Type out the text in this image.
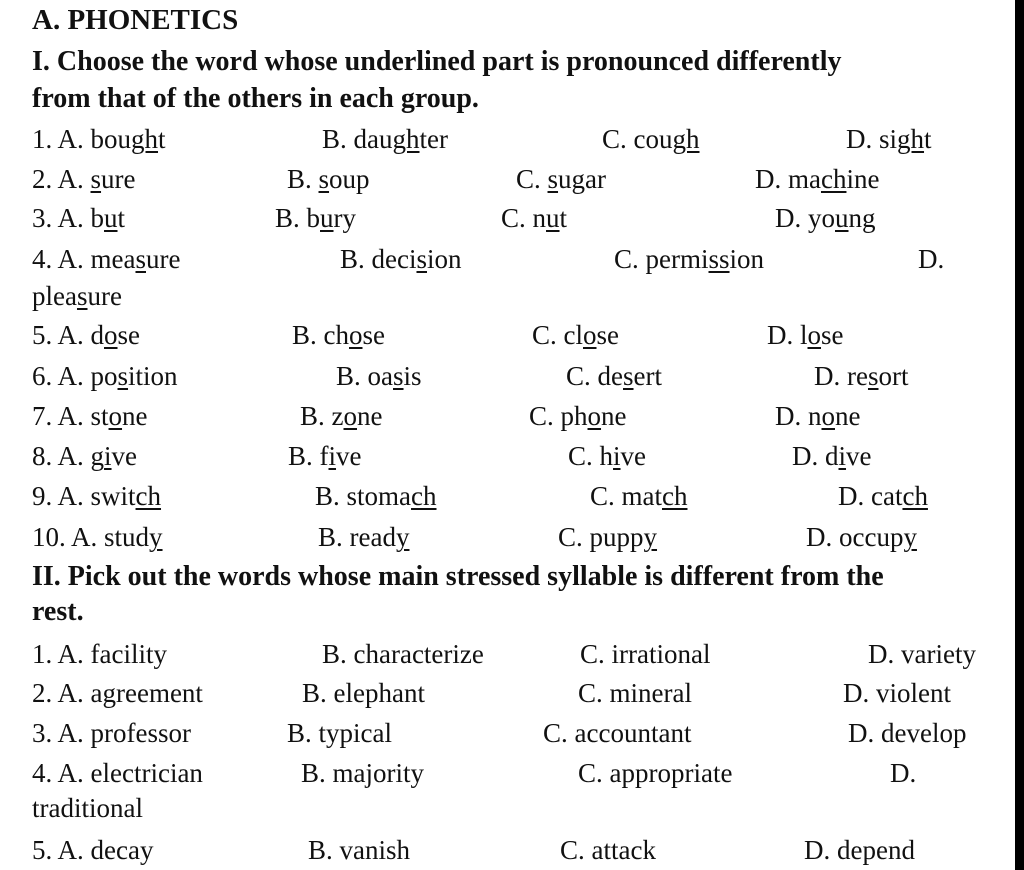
A. PHONETICS
I. Choose the word whose underlined part is pronounced differently
from that of the others in each group.
1. A. bought	B. daughter	C. cough	D. sight
2. A. sure	B. soup	C. sugar	D. machine
3. A. but	B. bury	C. nut	D. young
4. A. measure	B. decision	C. permission	D.
pleasure
5. A. dose	B. chose	C. close	D. lose
6. A. position	B. oasis	C. desert	D. resort
7. A. stone	B. zone	C. phone	D. none
8. A. give	B. five	C. hive	D. dive
9. A. switch	B. stomach	C. match	D. catch
10. A. study	B. ready	C. puppy	D. occupy
II. Pick out the words whose main stressed syllable is different from the
rest.
1. A. facility	B. characterize	C. irrational	D. variety
2. A. agreement	B. elephant	C. mineral	D. violent
3. A. professor	B. typical	C. accountant	D. develop
4. A. electrician	B. majority	C. appropriate	D.
traditional
5. A. decay	B. vanish	C. attack	D. depend
